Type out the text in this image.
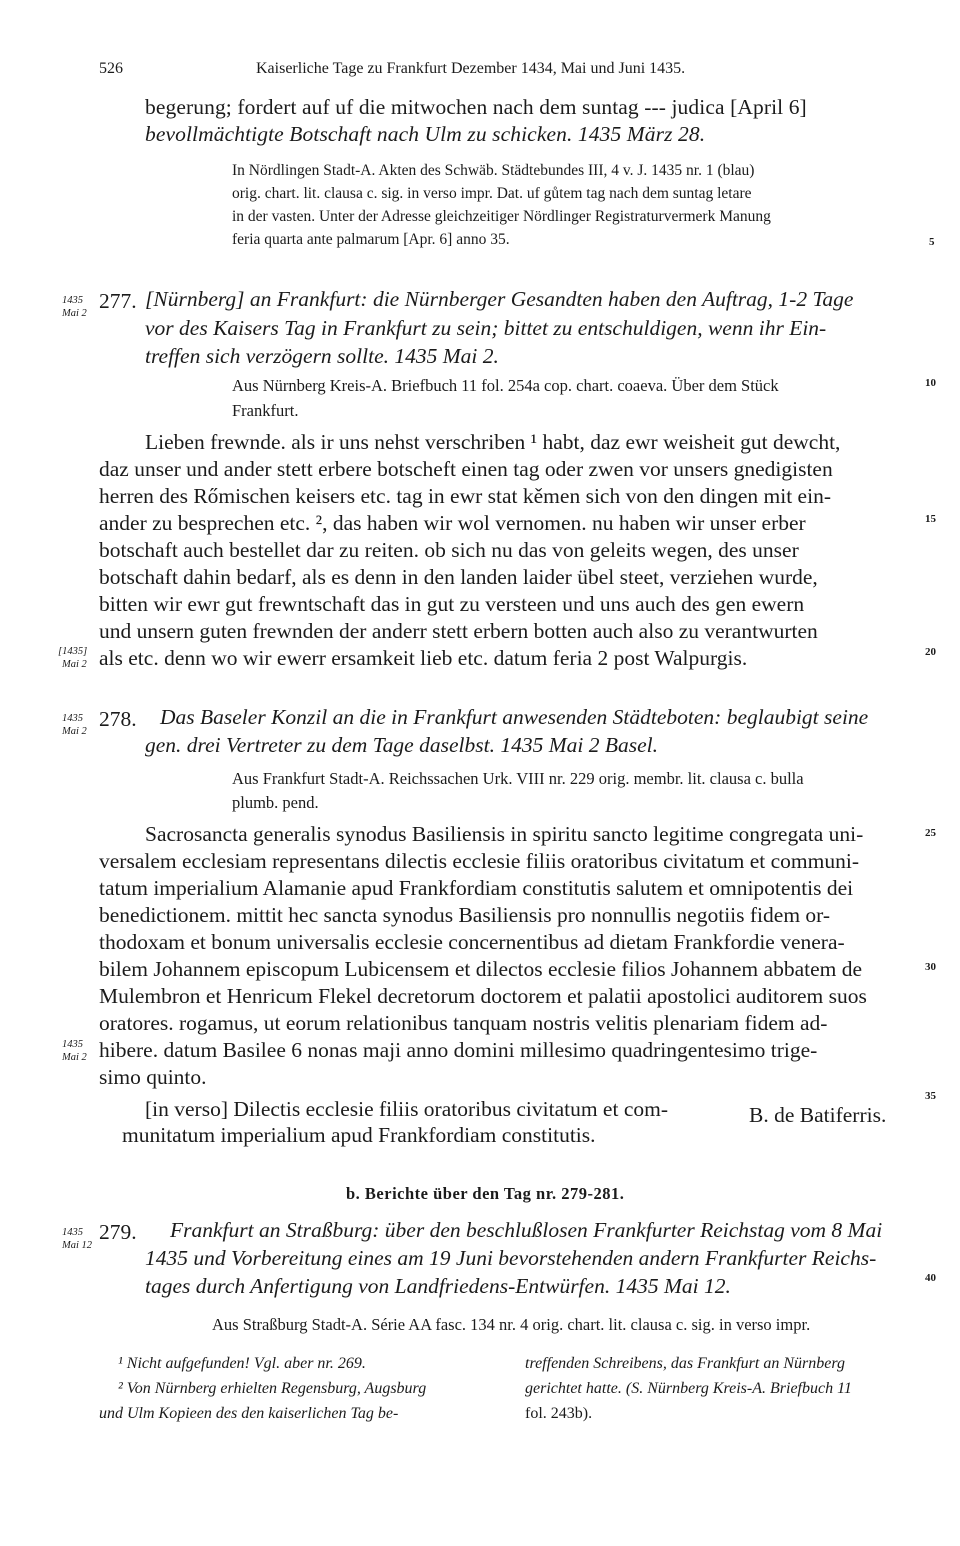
526	Kaiserliche Tage zu Frankfurt Dezember 1434, Mai und Juni 1435.
begerung; fordert auf uf die mitwochen nach dem suntag --- judica [April 6]
bevollmächtigte Botschaft nach Ulm zu schicken. 1435 März 28.
In Nördlingen Stadt-A. Akten des Schwäb. Städtebundes III, 4 v. J. 1435 nr. 1 (blau)
orig. chart. lit. clausa c. sig. in verso impr. Dat. uf gůtem tag nach dem suntag letare
in der vasten. Unter der Adresse gleichzeitiger Nördlinger Registraturvermerk Manung
feria quarta ante palmarum [Apr. 6] anno 35.
1435
Mai 2
277. [Nürnberg] an Frankfurt: die Nürnberger Gesandten haben den Auftrag, 1-2 Tage
vor des Kaisers Tag in Frankfurt zu sein; bittet zu entschuldigen, wenn ihr Ein-
treffen sich verzögern sollte. 1435 Mai 2.
Aus Nürnberg Kreis-A. Briefbuch 11 fol. 254a cop. chart. coaeva. Über dem Stück
Frankfurt.
Lieben frewnde. als ir uns nehst verschriben ¹ habt, daz ewr weisheit gut dewcht,
daz unser und ander stett erbere botscheft einen tag oder zwen vor unsers gnedigisten
herren des Rőmischen keisers etc. tag in ewr stat kěmen sich von den dingen mit ein-
ander zu besprechen etc. ², das haben wir wol vernomen. nu haben wir unser erber
botschaft auch bestellet dar zu reiten. ob sich nu das von geleits wegen, des unser
botschaft dahin bedarf, als es denn in den landen laider übel steet, verziehen wurde,
bitten wir ewr gut frewntschaft das in gut zu versteen und uns auch des gen ewern
und unsern guten frewnden der anderr stett erbern botten auch also zu verantwurten
als etc. denn wo wir ewerr ersamkeit lieb etc. datum feria 2 post Walpurgis.
[1435]
Mai 2
1435
Mai 2
278. Das Baseler Konzil an die in Frankfurt anwesenden Städteboten: beglaubigt seine
gen. drei Vertreter zu dem Tage daselbst. 1435 Mai 2 Basel.
Aus Frankfurt Stadt-A. Reichssachen Urk. VIII nr. 229 orig. membr. lit. clausa c. bulla
plumb. pend.
Sacrosancta generalis synodus Basiliensis in spiritu sancto legitime congregata uni-
versalem ecclesiam representans dilectis ecclesie filiis oratoribus civitatum et communi-
tatum imperialium Alamanie apud Frankfordiam constitutis salutem et omnipotentis dei
benedictionem. mittit hec sancta synodus Basiliensis pro nonnullis negotiis fidem or-
thodoxam et bonum universalis ecclesie concernentibus ad dietam Frankfordie venera-
bilem Johannem episcopum Lubicensem et dilectos ecclesie filios Johannem abbatem de
Mulembron et Henricum Flekel decretorum doctorem et palatii apostolici auditorem suos
oratores. rogamus, ut eorum relationibus tanquam nostris velitis plenariam fidem ad-
hibere. datum Basilee 6 nonas maji anno domini millesimo quadringentesimo trige-
simo quinto.
1435
Mai 2
[in verso] Dilectis ecclesie filiis oratoribus civitatum et com-
munitatum imperialium apud Frankfordiam constitutis.
B. de Batiferris.
b. Berichte über den Tag nr. 279-281.
1435
Mai 12
279. Frankfurt an Straßburg: über den beschlußlosen Frankfurter Reichstag vom 8 Mai
1435 und Vorbereitung eines am 19 Juni bevorstehenden andern Frankfurter Reichs-
tages durch Anfertigung von Landfriedens-Entwürfen. 1435 Mai 12.
Aus Straßburg Stadt-A. Série AA fasc. 134 nr. 4 orig. chart. lit. clausa c. sig. in verso impr.
5
10
15
20
25
30
35
40
¹ Nicht aufgefunden! Vgl. aber nr. 269.
² Von Nürnberg erhielten Regensburg, Augsburg
und Ulm Kopieen des den kaiserlichen Tag be-
treffenden Schreibens, das Frankfurt an Nürnberg
gerichtet hatte. (S. Nürnberg Kreis-A. Briefbuch 11
fol. 243b).
